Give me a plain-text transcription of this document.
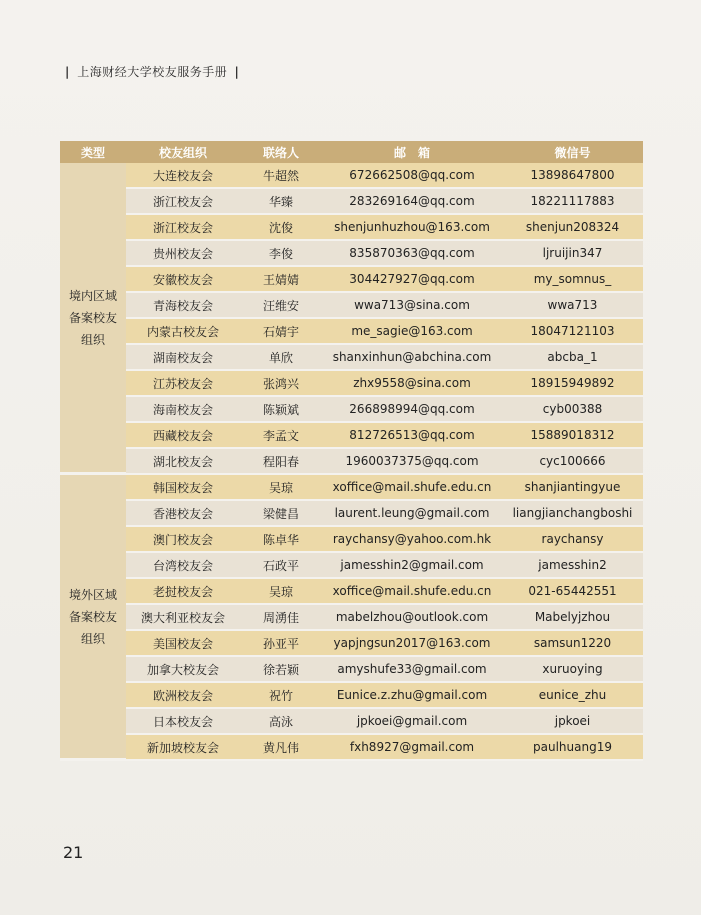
| 上海财经大学校友服务手册 |
类型	校友组织	联络人	邮　箱	微信号

境内区域
备案校友
组织	大连校友会	牛超然	672662508@qq.com	13898647800
	浙江校友会	华臻	283269164@qq.com	18221117883
	浙江校友会	沈俊	shenjunhuzhou@163.com	shenjun208324
	贵州校友会	李俊	835870363@qq.com	ljruijin347
	安徽校友会	王婧婧	304427927@qq.com	my_somnus_
	青海校友会	汪维安	wwa713@sina.com	wwa713
	内蒙古校友会	石婧宇	me_sagie@163.com	18047121103
	湖南校友会	单欣	shanxinhun@abchina.com	abcba_1
	江苏校友会	张鸿兴	zhx9558@sina.com	18915949892
	海南校友会	陈颖斌	266898994@qq.com	cyb00388
	西藏校友会	李孟文	812726513@qq.com	15889018312
	湖北校友会	程阳春	1960037375@qq.com	cyc100666

境外区域
备案校友
组织	韩国校友会	吴琼	xoffice@mail.shufe.edu.cn	shanjiantingyue
	香港校友会	梁健昌	laurent.leung@gmail.com	liangjianchangboshi
	澳门校友会	陈卓华	raychansy@yahoo.com.hk	raychansy
	台湾校友会	石政平	jamesshin2@gmail.com	jamesshin2
	老挝校友会	吴琼	xoffice@mail.shufe.edu.cn	021-65442551
	澳大利亚校友会	周湧佳	mabelzhou@outlook.com	Mabelyjzhou
	美国校友会	孙亚平	yapjngsun2017@163.com	samsun1220
	加拿大校友会	徐若颖	amyshufe33@gmail.com	xuruoying
	欧洲校友会	祝竹	Eunice.z.zhu@gmail.com	eunice_zhu
	日本校友会	高泳	jpkoei@gmail.com	jpkoei
	新加坡校友会	黄凡伟	fxh8927@gmail.com	paulhuang19
21
